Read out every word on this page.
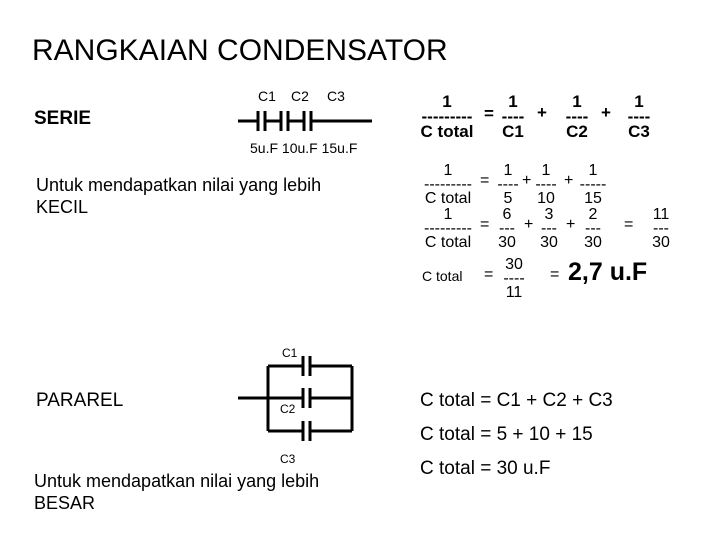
RANGKAIAN CONDENSATOR
SERIE
C1 C2 C3
5u.F 10u.F 15u.F
Untuk mendapatkan nilai yang lebih
KECIL
1
---------
C total
=
1
----
C1
+
1
----
C2
+
1
----
C3
1
---------
C total
=
1
----
5
+
1
----
10
+
1
-----
15
1
---------
C total
=
6
---
30
+
3
---
30
+
2
---
30
=
11
---
30
C total =
30
----
11
= 2,7 u.F
PARAREL
C1
C2
C3
Untuk mendapatkan nilai yang lebih
BESAR
C total = C1 + C2 + C3
C total = 5 + 10 + 15
C total = 30 u.F
